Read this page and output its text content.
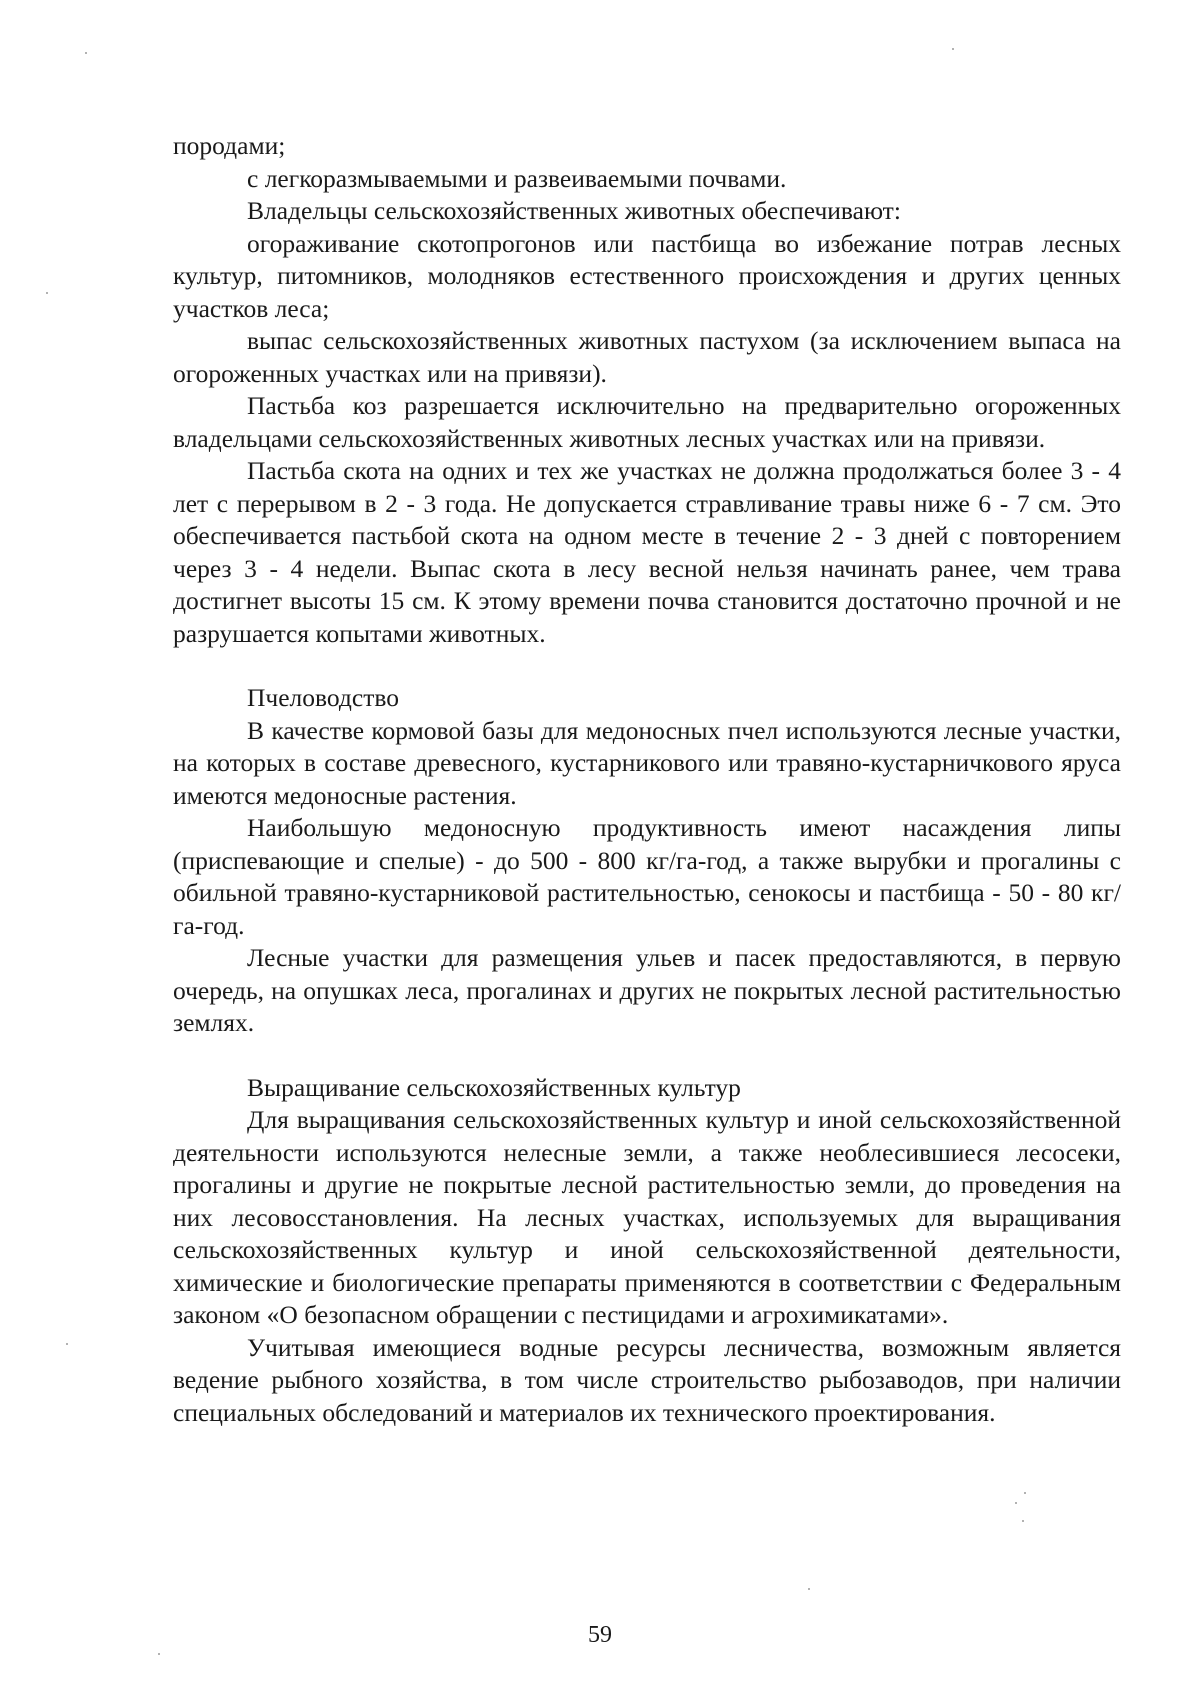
породами;

с легкоразмываемыми и развеиваемыми почвами.

Владельцы сельскохозяйственных животных обеспечивают:

огораживание скотопрогонов или пастбища во избежание потрав лесных культур, питомников, молодняков естественного происхождения и других ценных участков леса;

выпас сельскохозяйственных животных пастухом (за исключением выпаса на огороженных участках или на привязи).

Пастьба коз разрешается исключительно на предварительно огороженных владельцами сельскохозяйственных животных лесных участках или на привязи.

Пастьба скота на одних и тех же участках не должна продолжаться более 3 - 4 лет с перерывом в 2 - 3 года. Не допускается стравливание травы ниже 6 - 7 см. Это обеспечивается пастьбой скота на одном месте в течение 2 - 3 дней с повторением через 3 - 4 недели. Выпас скота в лесу весной нельзя начинать ранее, чем трава достигнет высоты 15 см. К этому времени почва становится достаточно прочной и не разрушается копытами животных.

Пчеловодство

В качестве кормовой базы для медоносных пчел используются лесные участки, на которых в составе древесного, кустарникового или травяно-кустарничкового яруса имеются медоносные растения.

Наибольшую медоносную продуктивность имеют насаждения липы (приспевающие и спелые) - до 500 - 800 кг/га-год, а также вырубки и прогалины с обильной травяно-кустарниковой растительностью, сенокосы и пастбища - 50 - 80 кг/га-год.

Лесные участки для размещения ульев и пасек предоставляются, в первую очередь, на опушках леса, прогалинах и других не покрытых лесной растительностью землях.

Выращивание сельскохозяйственных культур

Для выращивания сельскохозяйственных культур и иной сельскохозяйственной деятельности используются нелесные земли, а также необлесившиеся лесосеки, прогалины и другие не покрытые лесной растительностью земли, до проведения на них лесовосстановления. На лесных участках, используемых для выращивания сельскохозяйственных культур и иной сельскохозяйственной деятельности, химические и биологические препараты применяются в соответствии с Федеральным законом «О безопасном обращении с пестицидами и агрохимикатами».

Учитывая имеющиеся водные ресурсы лесничества, возможным является ведение рыбного хозяйства, в том числе строительство рыбозаводов, при наличии специальных обследований и материалов их технического проектирования.

59
